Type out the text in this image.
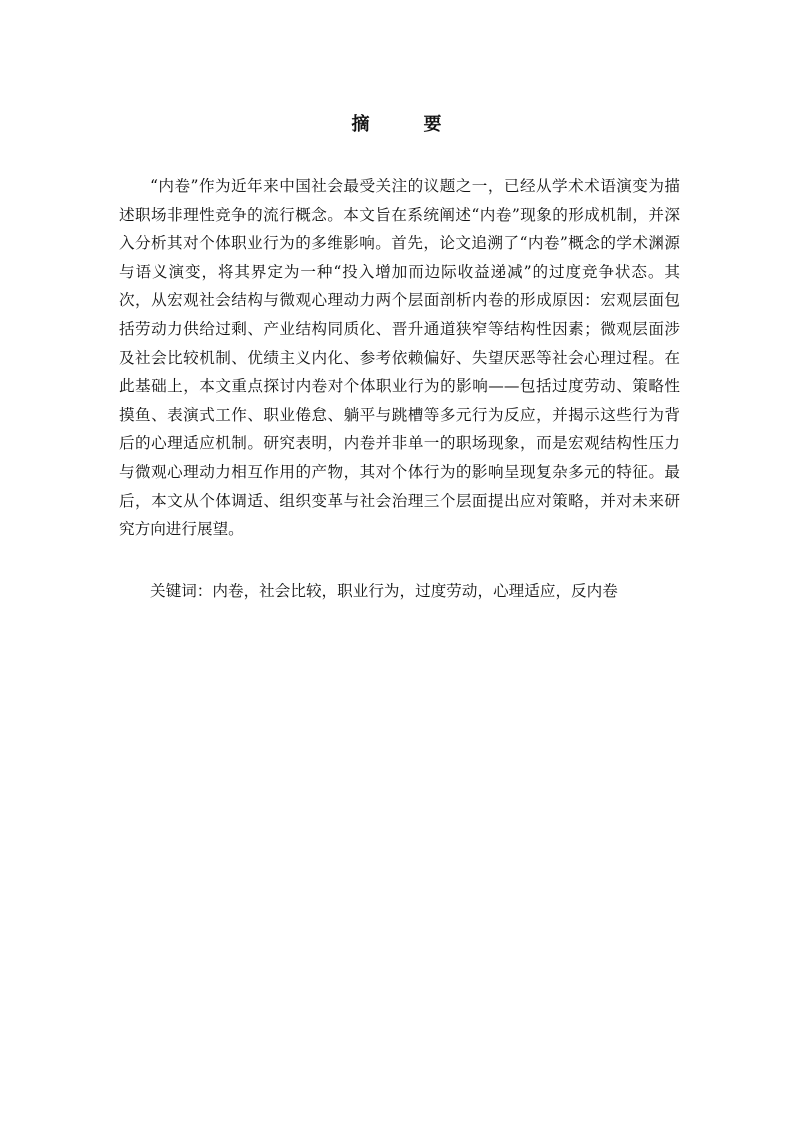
摘　要

“内卷”作为近年来中国社会最受关注的议题之一，已经从学术术语演变为描述职场非理性竞争的流行概念。本文旨在系统阐述“内卷”现象的形成机制，并深入分析其对个体职业行为的多维影响。首先，论文追溯了“内卷”概念的学术渊源与语义演变，将其界定为一种“投入增加而边际收益递减”的过度竞争状态。其次，从宏观社会结构与微观心理动力两个层面剖析内卷的形成原因：宏观层面包括劳动力供给过剩、产业结构同质化、晋升通道狭窄等结构性因素；微观层面涉及社会比较机制、优绩主义内化、参考依赖偏好、失望厌恶等社会心理过程。在此基础上，本文重点探讨内卷对个体职业行为的影响——包括过度劳动、策略性摸鱼、表演式工作、职业倦怠、躺平与跳槽等多元行为反应，并揭示这些行为背后的心理适应机制。研究表明，内卷并非单一的职场现象，而是宏观结构性压力与微观心理动力相互作用的产物，其对个体行为的影响呈现复杂多元的特征。最后，本文从个体调适、组织变革与社会治理三个层面提出应对策略，并对未来研究方向进行展望。

关键词：内卷，社会比较，职业行为，过度劳动，心理适应，反内卷
